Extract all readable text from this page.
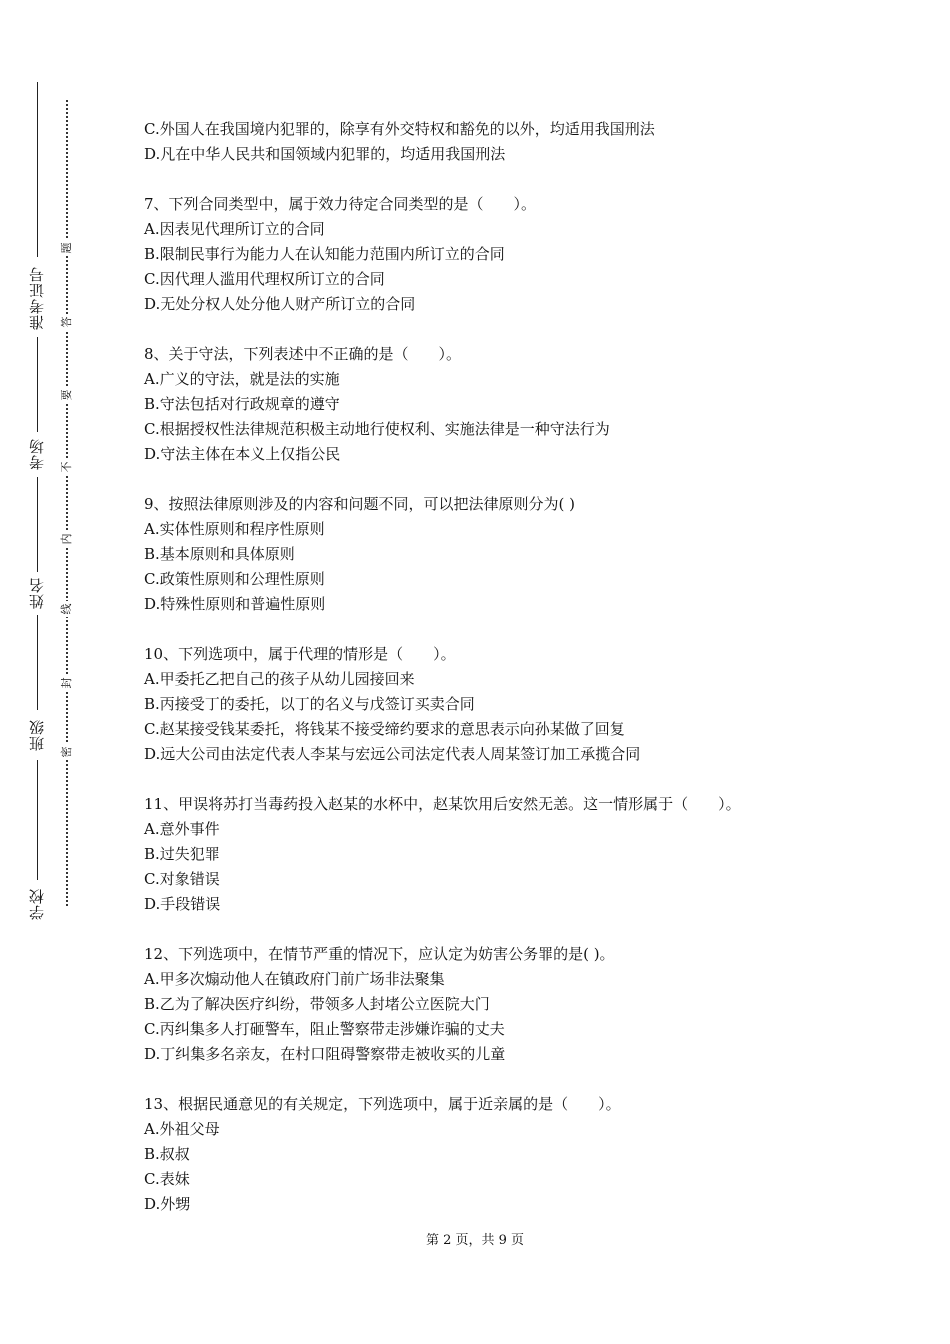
准考证号
考场
姓名
班级
学校
题
答
要
不
内
线
封
密
C.外国人在我国境内犯罪的，除享有外交特权和豁免的以外，均适用我国刑法
D.凡在中华人民共和国领域内犯罪的，均适用我国刑法
7、下列合同类型中，属于效力待定合同类型的是（　　）。
A.因表见代理所订立的合同
B.限制民事行为能力人在认知能力范围内所订立的合同
C.因代理人滥用代理权所订立的合同
D.无处分权人处分他人财产所订立的合同
8、关于守法，下列表述中不正确的是（　　）。
A.广义的守法，就是法的实施
B.守法包括对行政规章的遵守
C.根据授权性法律规范积极主动地行使权利、实施法律是一种守法行为
D.守法主体在本义上仅指公民
9、按照法律原则涉及的内容和问题不同，可以把法律原则分为( )
A.实体性原则和程序性原则
B.基本原则和具体原则
C.政策性原则和公理性原则
D.特殊性原则和普遍性原则
10、下列选项中，属于代理的情形是（　　）。
A.甲委托乙把自己的孩子从幼儿园接回来
B.丙接受丁的委托，以丁的名义与戊签订买卖合同
C.赵某接受钱某委托，将钱某不接受缔约要求的意思表示向孙某做了回复
D.远大公司由法定代表人李某与宏远公司法定代表人周某签订加工承揽合同
11、甲误将苏打当毒药投入赵某的水杯中，赵某饮用后安然无恙。这一情形属于（　　）。
A.意外事件
B.过失犯罪
C.对象错误
D.手段错误
12、下列选项中，在情节严重的情况下，应认定为妨害公务罪的是( )。
A.甲多次煽动他人在镇政府门前广场非法聚集
B.乙为了解决医疗纠纷，带领多人封堵公立医院大门
C.丙纠集多人打砸警车，阻止警察带走涉嫌诈骗的丈夫
D.丁纠集多名亲友，在村口阻碍警察带走被收买的儿童
13、根据民通意见的有关规定，下列选项中，属于近亲属的是（　　）。
A.外祖父母
B.叔叔
C.表妹
D.外甥
第 2 页，共 9 页
